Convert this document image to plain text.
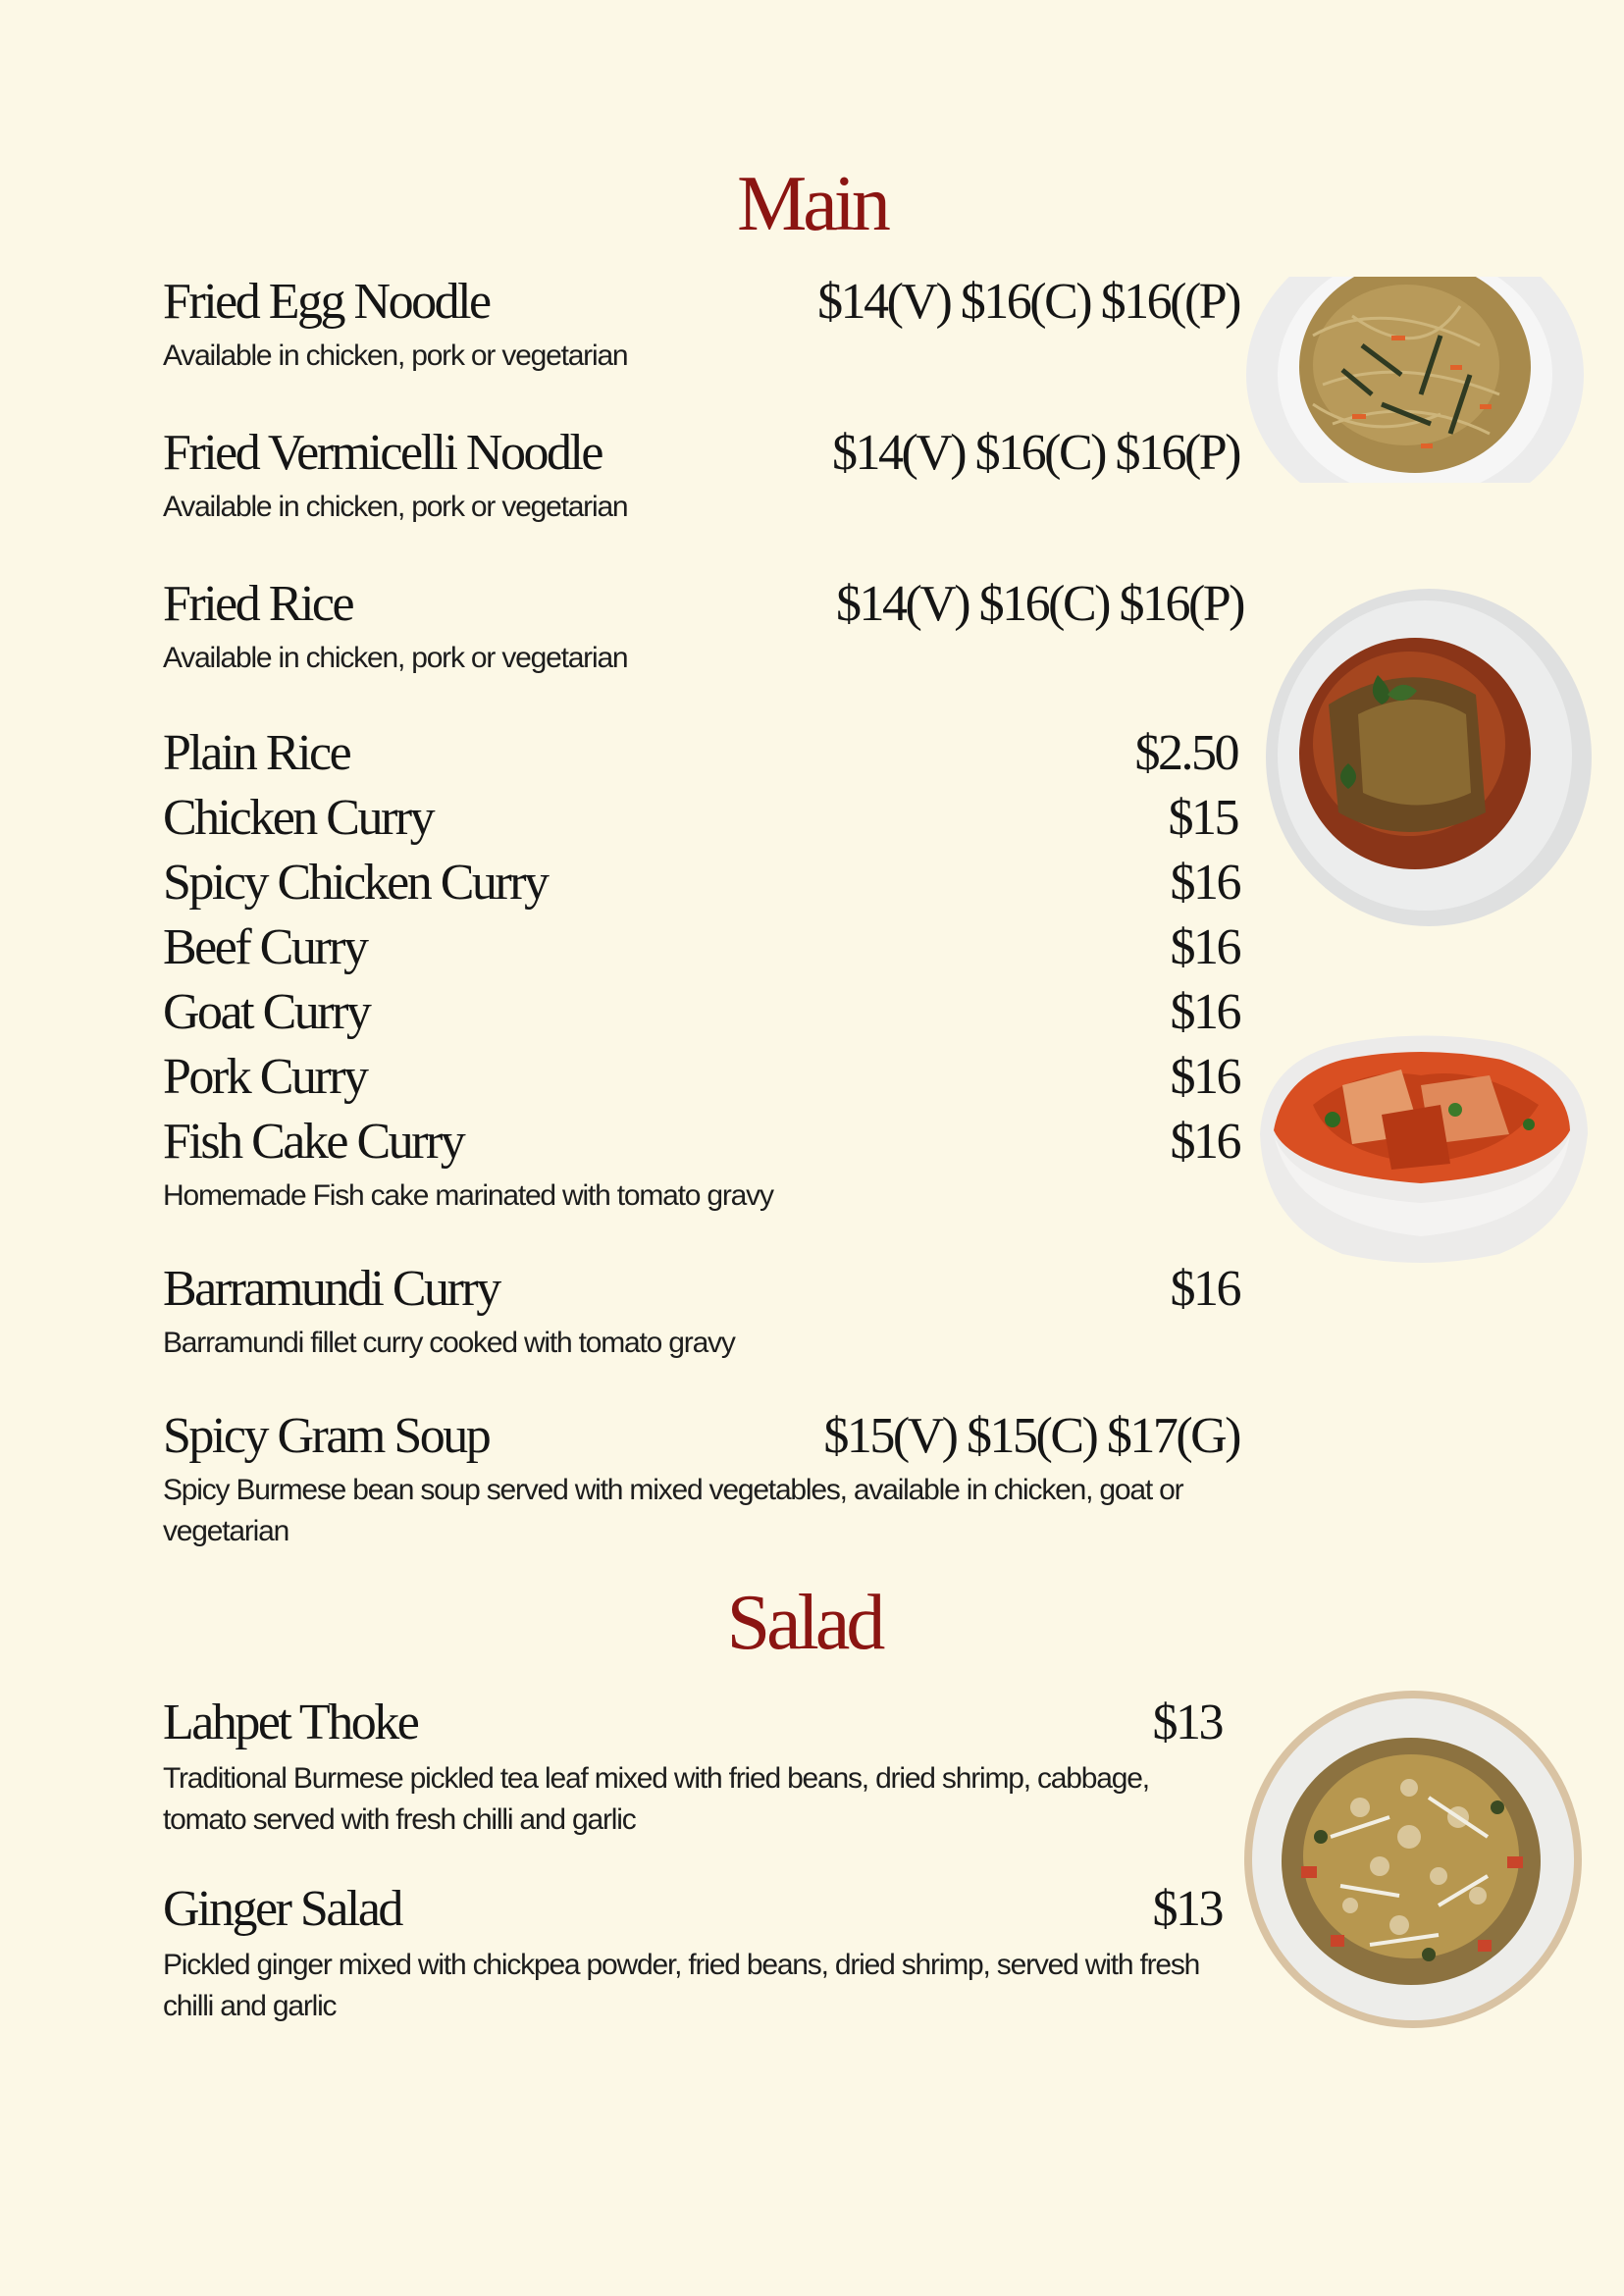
Main
Fried Egg Noodle	$14(V) $16(C) $16((P)
Available in chicken, pork or vegetarian
Fried Vermicelli Noodle	$14(V) $16(C) $16(P)
Available in chicken, pork or vegetarian
Fried Rice	$14(V) $16(C) $16(P)
Available in chicken, pork or vegetarian
Plain Rice	$2.50
Chicken Curry	$15
Spicy Chicken Curry	$16
Beef Curry	$16
Goat Curry	$16
Pork Curry	$16
Fish Cake Curry	$16
Homemade Fish cake marinated with tomato gravy
Barramundi Curry	$16
Barramundi fillet curry cooked with tomato gravy
Spicy Gram Soup	$15(V) $15(C) $17(G)
Spicy Burmese bean soup served with mixed vegetables, available in chicken, goat or vegetarian
Salad
Lahpet Thoke	$13
Traditional Burmese pickled tea leaf mixed with fried beans, dried shrimp, cabbage, tomato served with fresh chilli and garlic
Ginger Salad	$13
Pickled ginger mixed with chickpea powder, fried beans, dried shrimp, served with fresh chilli and garlic
